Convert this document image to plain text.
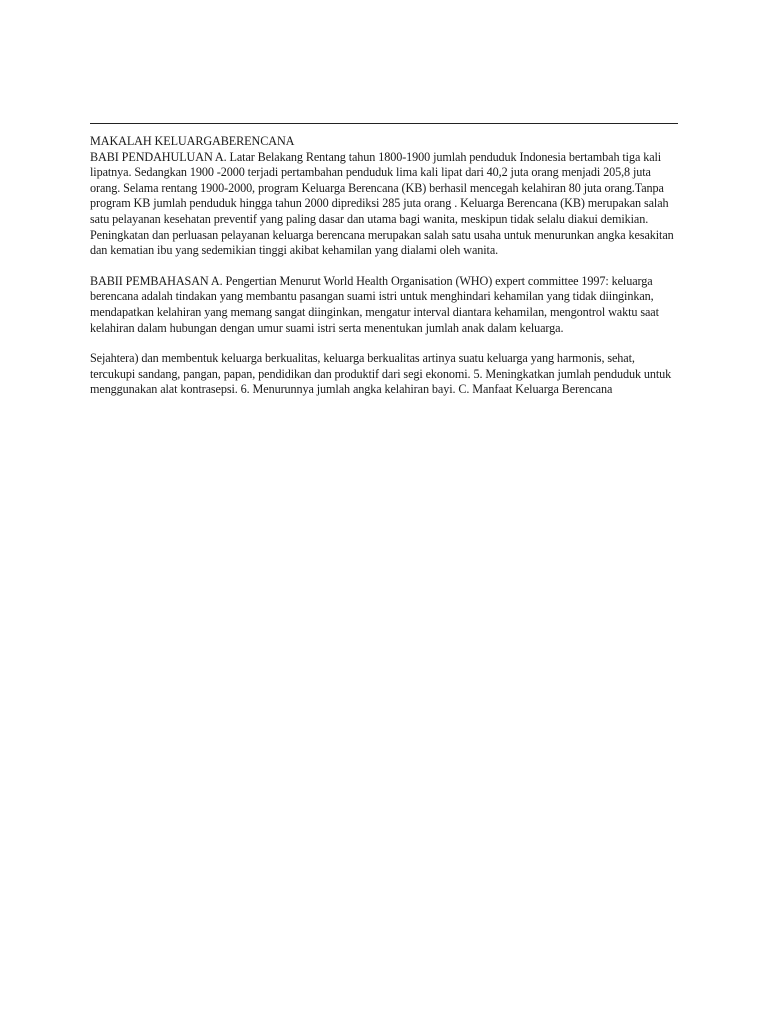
MAKALAH KELUARGABERENCANA

BABI PENDAHULUAN A. Latar Belakang Rentang tahun 1800-1900 jumlah penduduk Indonesia bertambah tiga kali lipatnya. Sedangkan 1900 -2000 terjadi pertambahan penduduk lima kali lipat dari 40,2 juta orang menjadi 205,8 juta orang. Selama rentang 1900-2000, program Keluarga Berencana (KB) berhasil mencegah kelahiran 80 juta orang.Tanpa program KB jumlah penduduk hingga tahun 2000 diprediksi 285 juta orang . Keluarga Berencana (KB) merupakan salah satu pelayanan kesehatan preventif yang paling dasar dan utama bagi wanita, meskipun tidak selalu diakui demikian. Peningkatan dan perluasan pelayanan keluarga berencana merupakan salah satu usaha untuk menurunkan angka kesakitan dan kematian ibu yang sedemikian tinggi akibat kehamilan yang dialami oleh wanita.

BABII PEMBAHASAN A. Pengertian Menurut World Health Organisation (WHO) expert committee 1997: keluarga berencana adalah tindakan yang membantu pasangan suami istri untuk menghindari kehamilan yang tidak diinginkan, mendapatkan kelahiran yang memang sangat diinginkan, mengatur interval diantara kehamilan, mengontrol waktu saat kelahiran dalam hubungan dengan umur suami istri serta menentukan jumlah anak dalam keluarga.

Sejahtera) dan membentuk keluarga berkualitas, keluarga berkualitas artinya suatu keluarga yang harmonis, sehat, tercukupi sandang, pangan, papan, pendidikan dan produktif dari segi ekonomi. 5. Meningkatkan jumlah penduduk untuk menggunakan alat kontrasepsi. 6. Menurunnya jumlah angka kelahiran bayi. C. Manfaat Keluarga Berencana
